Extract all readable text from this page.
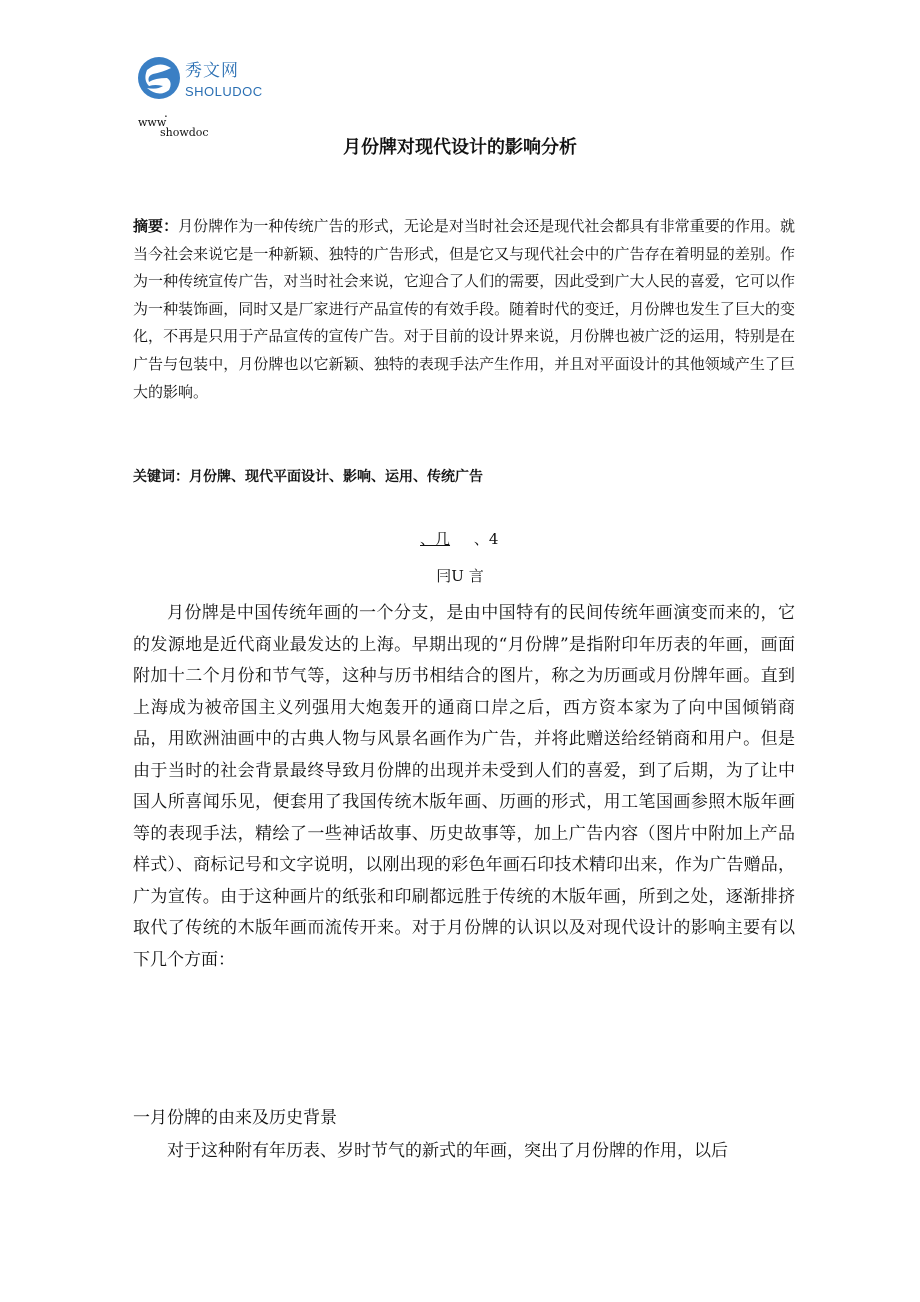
秀文网
SHOLUDOC
.
www
showdoc
月份牌对现代设计的影响分析
摘要：月份牌作为一种传统广告的形式，无论是对当时社会还是现代社会都具有非常重要的作用。就当今社会来说它是一种新颖、独特的广告形式，但是它又与现代社会中的广告存在着明显的差别。作为一种传统宣传广告，对当时社会来说，它迎合了人们的需要，因此受到广大人民的喜爱，它可以作为一种装饰画，同时又是厂家进行产品宣传的有效手段。随着时代的变迁，月份牌也发生了巨大的变化，不再是只用于产品宣传的宣传广告。对于目前的设计界来说，月份牌也被广泛的运用，特别是在广告与包装中，月份牌也以它新颖、独特的表现手法产生作用，并且对平面设计的其他领域产生了巨大的影响。
关键词：月份牌、现代平面设计、影响、运用、传统广告
、几 、4
冃U 言

月份牌是中国传统年画的一个分支，是由中国特有的民间传统年画演变而来的，它的发源地是近代商业最发达的上海。早期出现的“月份牌”是指附印年历表的年画，画面附加十二个月份和节气等，这种与历书相结合的图片，称之为历画或月份牌年画。直到上海成为被帝国主义列强用大炮轰开的通商口岸之后，西方资本家为了向中国倾销商品，用欧洲油画中的古典人物与风景名画作为广告，并将此赠送给经销商和用户。但是由于当时的社会背景最终导致月份牌的出现并未受到人们的喜爱，到了后期，为了让中国人所喜闻乐见，便套用了我国传统木版年画、历画的形式，用工笔国画参照木版年画等的表现手法，精绘了一些神话故事、历史故事等，加上广告内容（图片中附加上产品样式）、商标记号和文字说明，以刚出现的彩色年画石印技术精印出来，作为广告赠品，广为宣传。由于这种画片的纸张和印刷都远胜于传统的木版年画，所到之处，逐渐排挤取代了传统的木版年画而流传开来。对于月份牌的认识以及对现代设计的影响主要有以下几个方面：

一月份牌的由来及历史背景
对于这种附有年历表、岁时节气的新式的年画，突出了月份牌的作用，以后
